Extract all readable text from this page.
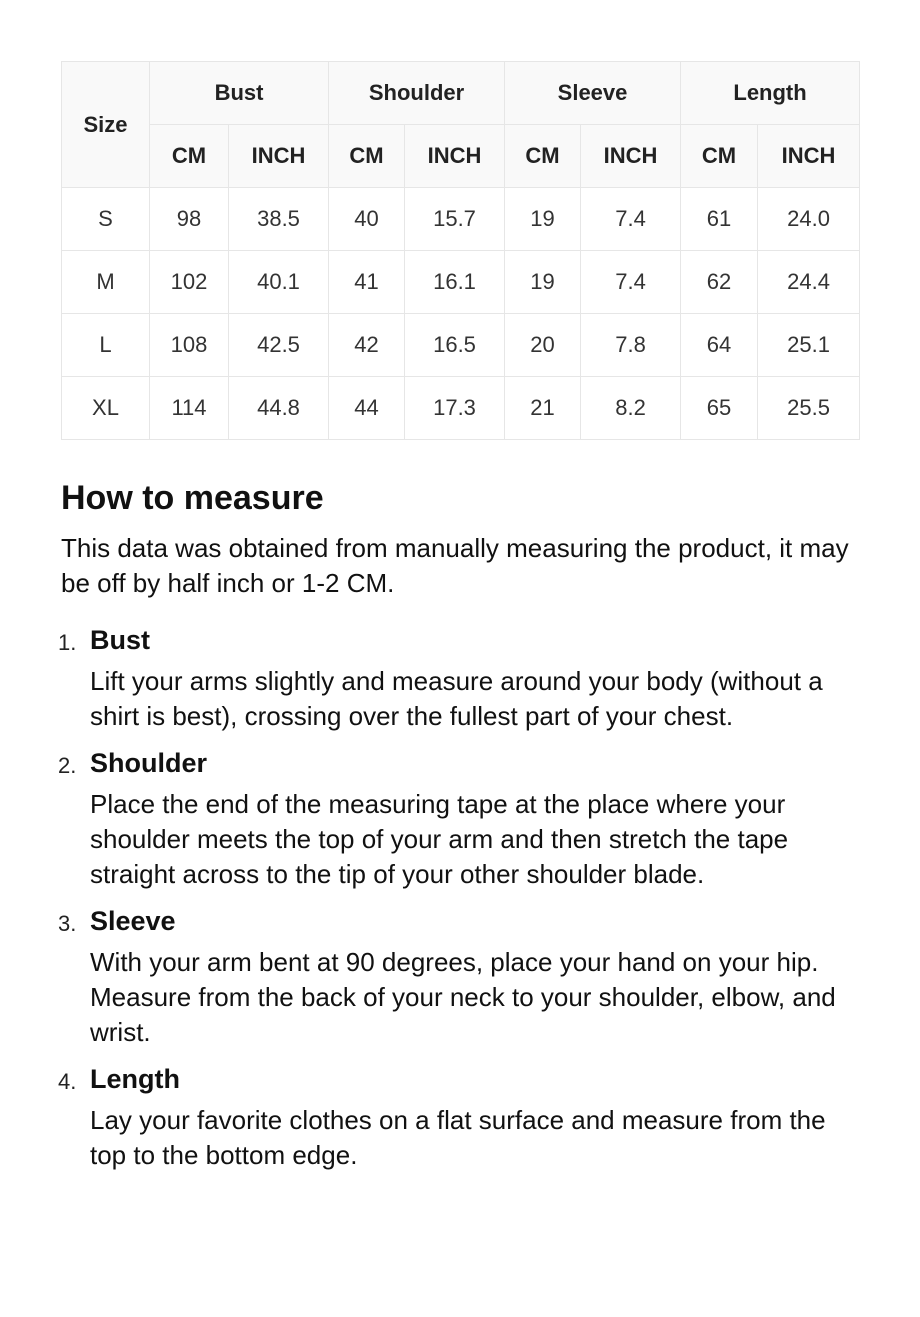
Size	Bust		Shoulder		Sleeve		Length	
	CM	INCH	CM	INCH	CM	INCH	CM	INCH
S	98	38.5	40	15.7	19	7.4	61	24.0
M	102	40.1	41	16.1	19	7.4	62	24.4
L	108	42.5	42	16.5	20	7.8	64	25.1
XL	114	44.8	44	17.3	21	8.2	65	25.5
How to measure

This data was obtained from manually measuring the product, it may be off by half inch or 1-2 CM.

1. Bust

Lift your arms slightly and measure around your body (without a shirt is best), crossing over the fullest part of your chest.

2. Shoulder

Place the end of the measuring tape at the place where your shoulder meets the top of your arm and then stretch the tape straight across to the tip of your other shoulder blade.

3. Sleeve

With your arm bent at 90 degrees, place your hand on your hip. Measure from the back of your neck to your shoulder, elbow, and wrist.

4. Length

Lay your favorite clothes on a flat surface and measure from the top to the bottom edge.
